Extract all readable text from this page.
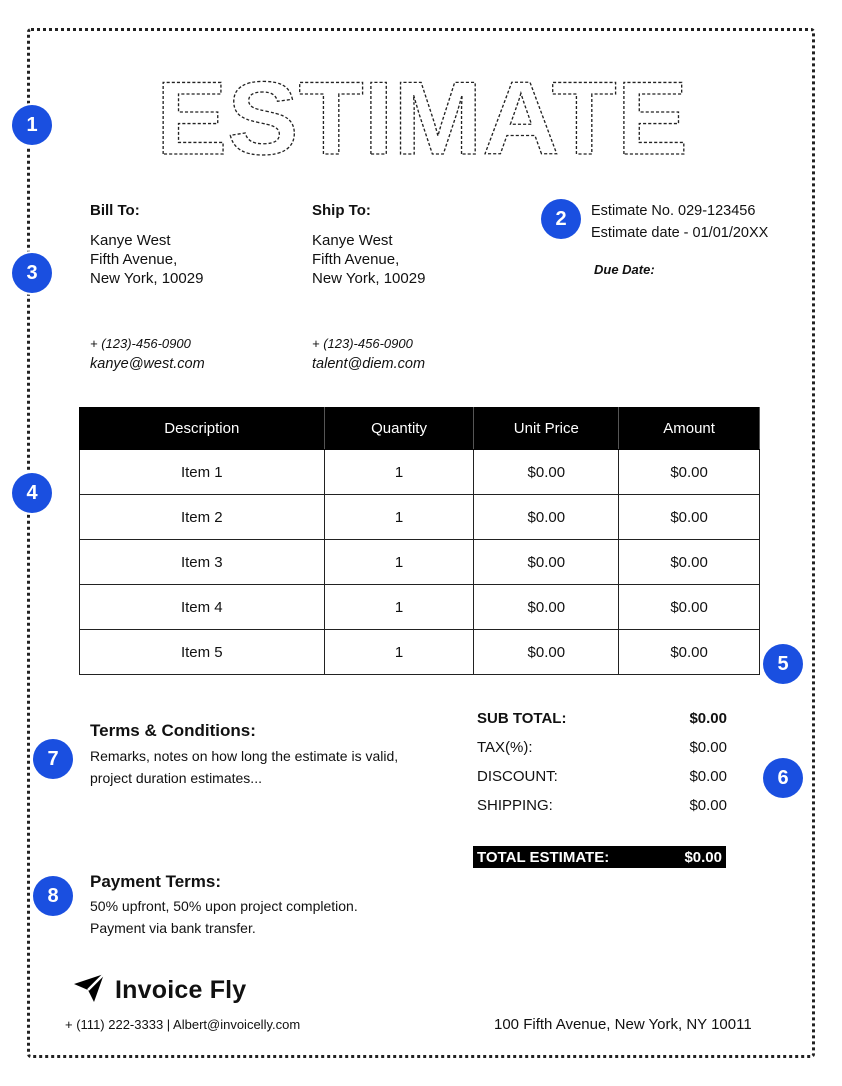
ESTIMATE
1
2
3
4
5
6
7
8
Bill To:
Kanye West
Fifth Avenue,
New York, 10029
+ (123)-456-0900
kanye@west.com
Ship To:
Kanye West
Fifth Avenue,
New York, 10029
+ (123)-456-0900
talent@diem.com
Estimate No. 029-123456
Estimate date - 01/01/20XX
Due Date:
Description	Quantity	Unit Price	Amount
Item 1	1	$0.00	$0.00
Item 2	1	$0.00	$0.00
Item 3	1	$0.00	$0.00
Item 4	1	$0.00	$0.00
Item 5	1	$0.00	$0.00
Terms & Conditions:
Remarks, notes on how long the estimate is valid, project duration estimates...
SUB TOTAL:	$0.00
TAX(%):	$0.00
DISCOUNT:	$0.00
SHIPPING:	$0.00
TOTAL ESTIMATE:	$0.00
Payment Terms:
50% upfront, 50% upon project completion. Payment via bank transfer.
Invoice Fly
+ (111) 222-3333 | Albert@invoicelly.com	100 Fifth Avenue, New York, NY 10011
